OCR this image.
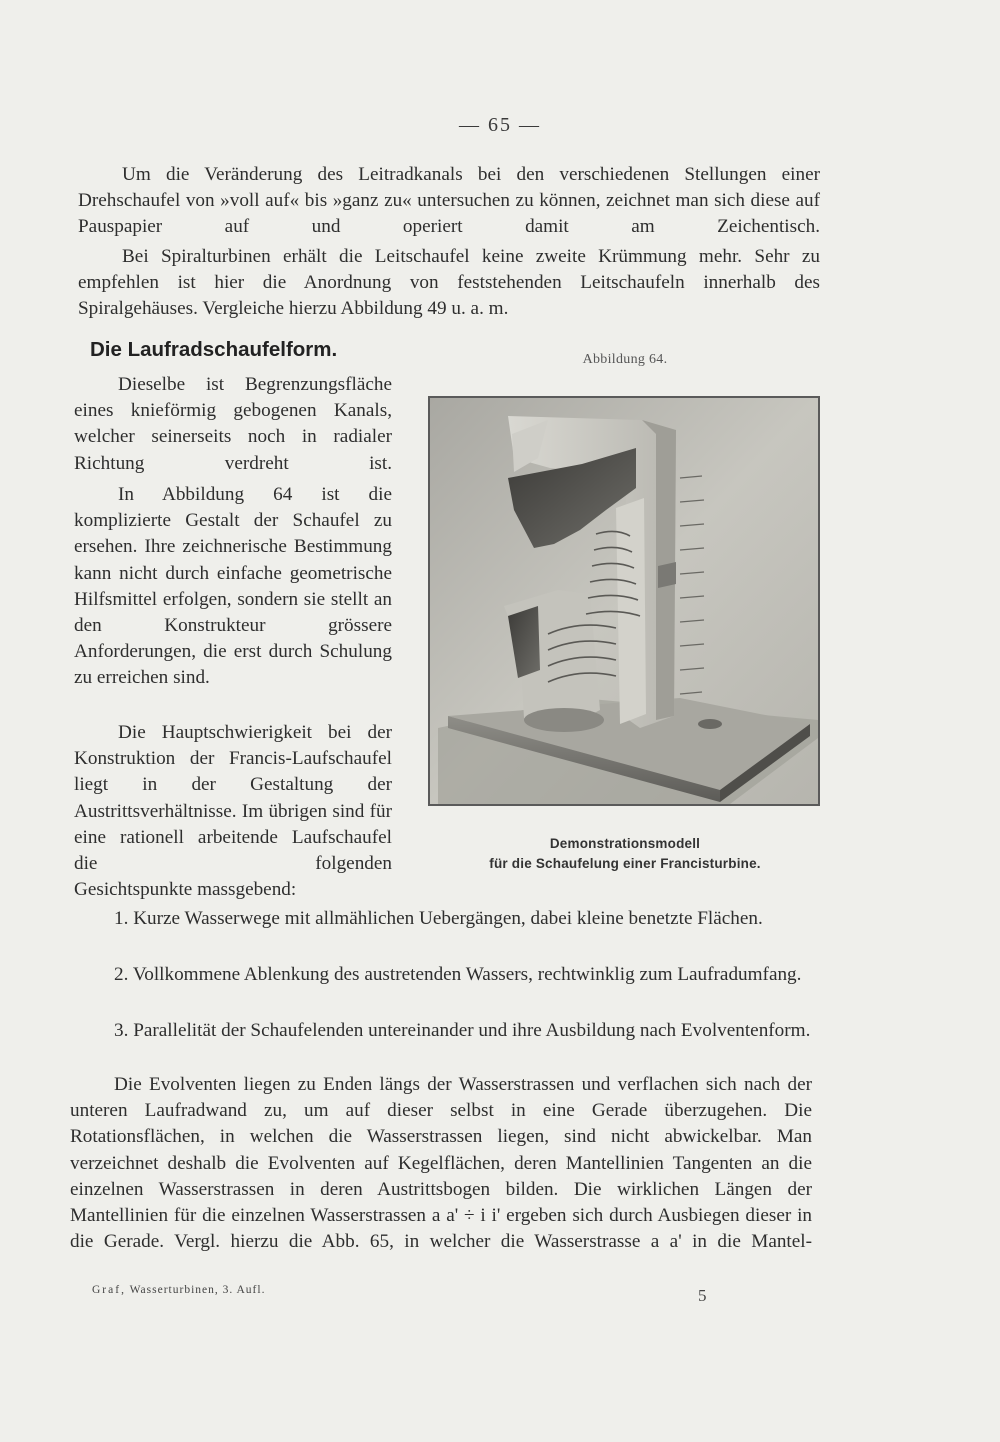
— 65 —

Um die Veränderung des Leitradkanals bei den verschiedenen Stellungen einer Drehschaufel von »voll auf« bis »ganz zu« untersuchen zu können, zeichnet man sich diese auf Pauspapier auf und operiert damit am Zeichentisch.

Bei Spiralturbinen erhält die Leitschaufel keine zweite Krümmung mehr. Sehr zu empfehlen ist hier die Anordnung von feststehenden Leitschaufeln innerhalb des Spiralgehäuses. Vergleiche hierzu Abbildung 49 u. a. m.

Die Laufradschaufelform.	Abbildung 64.
Demonstrationsmodell
für die Schaufelung einer Francisturbine.

Dieselbe ist Begrenzungsfläche eines knieförmig gebogenen Kanals, welcher seinerseits noch in radialer Richtung verdreht ist.

In Abbildung 64 ist die komplizierte Gestalt der Schaufel zu ersehen. Ihre zeichnerische Bestimmung kann nicht durch einfache geometrische Hilfsmittel erfolgen, sondern sie stellt an den Konstrukteur grössere Anforderungen, die erst durch Schulung zu erreichen sind.

Die Hauptschwierigkeit bei der Konstruktion der Francis-Laufschaufel liegt in der Gestaltung der Austrittsverhältnisse. Im übrigen sind für eine rationell arbeitende Laufschaufel die folgenden

Gesichtspunkte massgebend:

1. Kurze Wasserwege mit allmählichen Uebergängen, dabei kleine benetzte Flächen.

2. Vollkommene Ablenkung des austretenden Wassers, rechtwinklig zum Laufradumfang.

3. Parallelität der Schaufelenden untereinander und ihre Ausbildung nach Evolventenform.

Die Evolventen liegen zu Enden längs der Wasserstrassen und verflachen sich nach der unteren Laufradwand zu, um auf dieser selbst in eine Gerade überzugehen. Die Rotationsflächen, in welchen die Wasserstrassen liegen, sind nicht abwickelbar. Man verzeichnet deshalb die Evolventen auf Kegelflächen, deren Mantellinien Tangenten an die einzelnen Wasserstrassen in deren Austrittsbogen bilden. Die wirklichen Längen der Mantellinien für die einzelnen Wasserstrassen a a' ÷ i i' ergeben sich durch Ausbiegen dieser in die Gerade. Vergl. hierzu die Abb. 65, in welcher die Wasserstrasse a a' in die Mantel-

Graf, Wasserturbinen, 3. Aufl.	5
